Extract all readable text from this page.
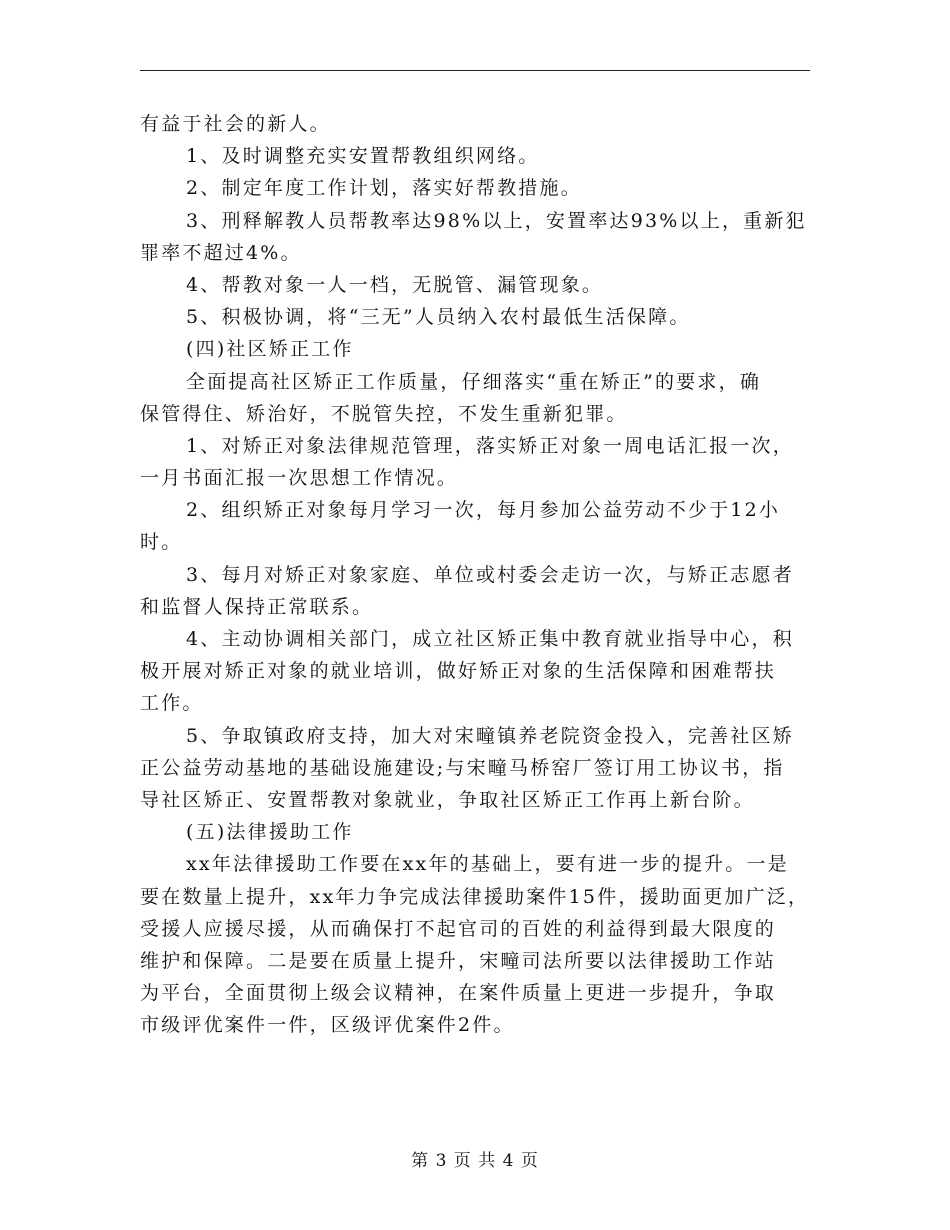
有益于社会的新人。
1、及时调整充实安置帮教组织网络。
2、制定年度工作计划，落实好帮教措施。
3、刑释解教人员帮教率达98%以上，安置率达93%以上，重新犯
罪率不超过4%。
4、帮教对象一人一档，无脱管、漏管现象。
5、积极协调，将“三无”人员纳入农村最低生活保障。
(四)社区矫正工作
全面提高社区矫正工作质量，仔细落实“重在矫正”的要求，确
保管得住、矫治好，不脱管失控，不发生重新犯罪。
1、对矫正对象法律规范管理，落实矫正对象一周电话汇报一次，
一月书面汇报一次思想工作情况。
2、组织矫正对象每月学习一次，每月参加公益劳动不少于12小
时。
3、每月对矫正对象家庭、单位或村委会走访一次，与矫正志愿者
和监督人保持正常联系。
4、主动协调相关部门，成立社区矫正集中教育就业指导中心，积
极开展对矫正对象的就业培训，做好矫正对象的生活保障和困难帮扶
工作。
5、争取镇政府支持，加大对宋疃镇养老院资金投入，完善社区矫
正公益劳动基地的基础设施建设;与宋疃马桥窑厂签订用工协议书，指
导社区矫正、安置帮教对象就业，争取社区矫正工作再上新台阶。
(五)法律援助工作
xx年法律援助工作要在xx年的基础上，要有进一步的提升。一是
要在数量上提升，xx年力争完成法律援助案件15件，援助面更加广泛，
受援人应援尽援，从而确保打不起官司的百姓的利益得到最大限度的
维护和保障。二是要在质量上提升，宋疃司法所要以法律援助工作站
为平台，全面贯彻上级会议精神，在案件质量上更进一步提升，争取
市级评优案件一件，区级评优案件2件。
第 3 页 共 4 页
